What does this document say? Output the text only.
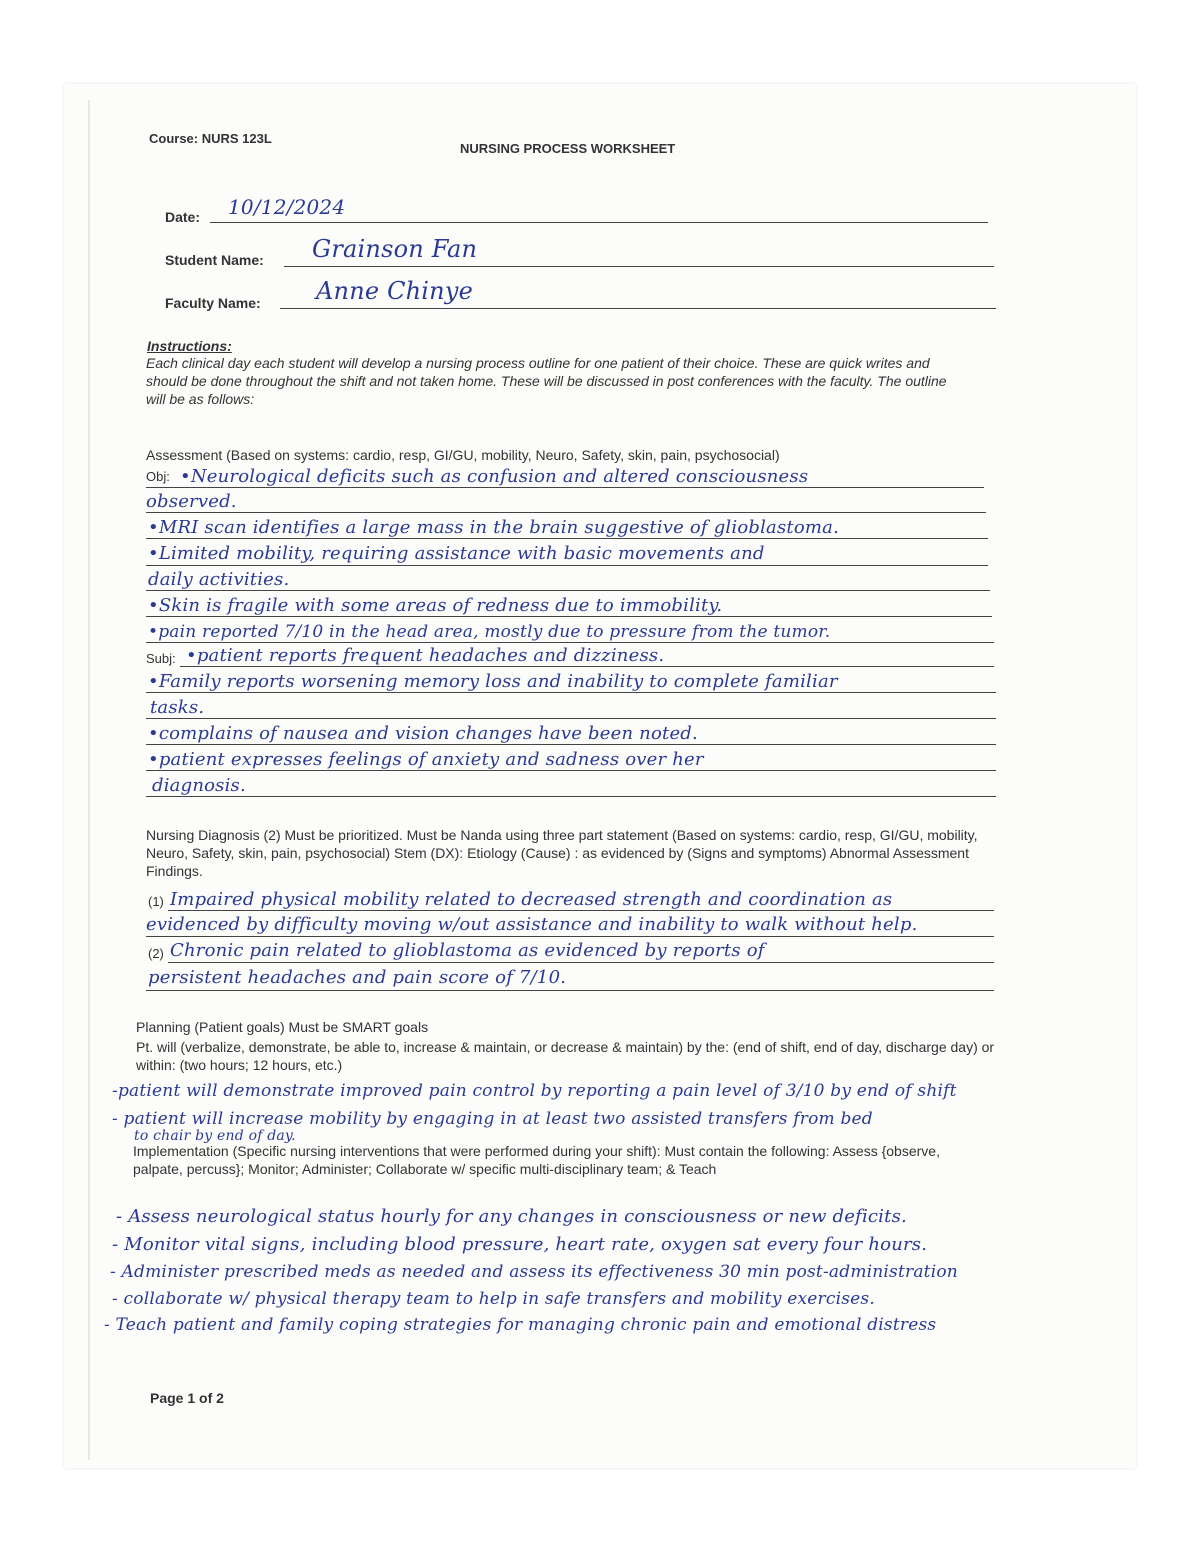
Course: NURS 123L
NURSING PROCESS WORKSHEET
Date: 10/12/2024
Student Name: Grainson Fan
Faculty Name: Anne Chinye
Instructions:
Each clinical day each student will develop a nursing process outline for one patient of their choice. These are quick writes and should be done throughout the shift and not taken home. These will be discussed in post conferences with the faculty. The outline will be as follows:
Assessment (Based on systems: cardio, resp, GI/GU, mobility, Neuro, Safety, skin, pain, psychosocial)
Obj: •Neurological deficits such as confusion and altered consciousness
observed.
•MRI scan identifies a large mass in the brain suggestive of glioblastoma.
•Limited mobility, requiring assistance with basic movements and
daily activities.
•Skin is fragile with some areas of redness due to immobility.
•pain reported 7/10 in the head area, mostly due to pressure from the tumor.
Subj: •patient reports frequent headaches and dizziness.
•Family reports worsening memory loss and inability to complete familiar
tasks.
•complains of nausea and vision changes have been noted.
•patient expresses feelings of anxiety and sadness over her
diagnosis.
Nursing Diagnosis (2) Must be prioritized. Must be Nanda using three part statement (Based on systems: cardio, resp, GI/GU, mobility, Neuro, Safety, skin, pain, psychosocial) Stem (DX): Etiology (Cause) : as evidenced by (Signs and symptoms) Abnormal Assessment Findings.
(1) Impaired physical mobility related to decreased strength and coordination as
evidenced by difficulty moving w/out assistance and inability to walk without help.
(2) Chronic pain related to glioblastoma as evidenced by reports of
persistent headaches and pain score of 7/10.
Planning (Patient goals) Must be SMART goals
Pt. will (verbalize, demonstrate, be able to, increase & maintain, or decrease & maintain) by the: (end of shift, end of day, discharge day) or within: (two hours; 12 hours, etc.)
-patient will demonstrate improved pain control by reporting a pain level of 3/10 by end of shift
- patient will increase mobility by engaging in at least two assisted transfers from bed
to chair by end of day.
Implementation (Specific nursing interventions that were performed during your shift): Must contain the following: Assess {observe, palpate, percuss}; Monitor; Administer; Collaborate w/ specific multi-disciplinary team; & Teach
- Assess neurological status hourly for any changes in consciousness or new deficits.
- Monitor vital signs, including blood pressure, heart rate, oxygen sat every four hours.
- Administer prescribed meds as needed and assess its effectiveness 30 min post-administration
- collaborate w/ physical therapy team to help in safe transfers and mobility exercises.
- Teach patient and family coping strategies for managing chronic pain and emotional distress
Page 1 of 2
